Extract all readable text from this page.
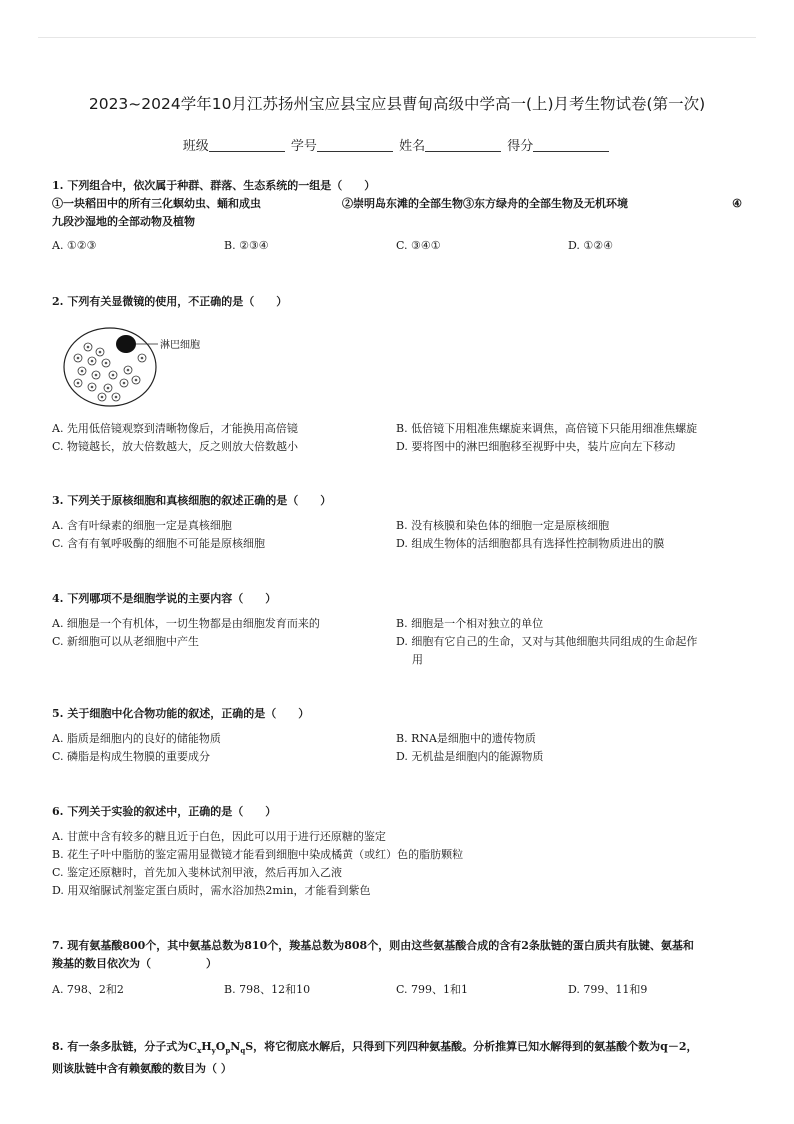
2023~2024学年10月江苏扬州宝应县宝应县曹甸高级中学高一(上)月考生物试卷(第一次)
班级	学号	姓名	得分
1. 下列组合中，依次属于种群、群落、生态系统的一组是（　　）
①一块稻田中的所有三化螟幼虫、蛹和成虫	②崇明岛东滩的全部生物 ③东方绿舟的全部生物及无机环境	④
九段沙湿地的全部动物及植物
A. ①②③	B. ②③④	C. ③④①	D. ①②④
2. 下列有关显微镜的使用，不正确的是（　　）
淋巴细胞
A. 先用低倍镜观察到清晰物像后，才能换用高倍镜	B. 低倍镜下用粗准焦螺旋来调焦，高倍镜下只能用细准焦螺旋
C. 物镜越长，放大倍数越大，反之则放大倍数越小	D. 要将图中的淋巴细胞移至视野中央，装片应向左下移动
3. 下列关于原核细胞和真核细胞的叙述正确的是（　　）
A. 含有叶绿素的细胞一定是真核细胞	B. 没有核膜和染色体的细胞一定是原核细胞
C. 含有有氧呼吸酶的细胞不可能是原核细胞	D. 组成生物体的活细胞都具有选择性控制物质进出的膜
4. 下列哪项不是细胞学说的主要内容（　　）
A. 细胞是一个有机体，一切生物都是由细胞发育而来的	B. 细胞是一个相对独立的单位
C. 新细胞可以从老细胞中产生	D. 细胞有它自己的生命，又对与其他细胞共同组成的生命起作
用
5. 关于细胞中化合物功能的叙述，正确的是（　　）
A. 脂质是细胞内的良好的储能物质	B. RNA是细胞中的遗传物质
C. 磷脂是构成生物膜的重要成分	D. 无机盐是细胞内的能源物质
6. 下列关于实验的叙述中，正确的是（　　）
A. 甘蔗中含有较多的糖且近于白色，因此可以用于进行还原糖的鉴定
B. 花生子叶中脂肪的鉴定需用显微镜才能看到细胞中染成橘黄（或红）色的脂肪颗粒
C. 鉴定还原糖时，首先加入斐林试剂甲液，然后再加入乙液
D. 用双缩脲试剂鉴定蛋白质时，需水浴加热2min，才能看到紫色
7. 现有氨基酸800个，其中氨基总数为810个，羧基总数为808个，则由这些氨基酸合成的含有2条肽链的蛋白质共有肽键、氨基和
羧基的数目依次为（　　　　　）
A. 798、2和2	B. 798、12和10	C. 799、1和1	D. 799、11和9
8. 有一条多肽链，分子式为$C_xH_yO_pN_qS$，将它彻底水解后，只得到下列四种氨基酸。分析推算已知水解得到的氨基酸个数为q－2，
则该肽链中含有赖氨酸的数目为（ ）
